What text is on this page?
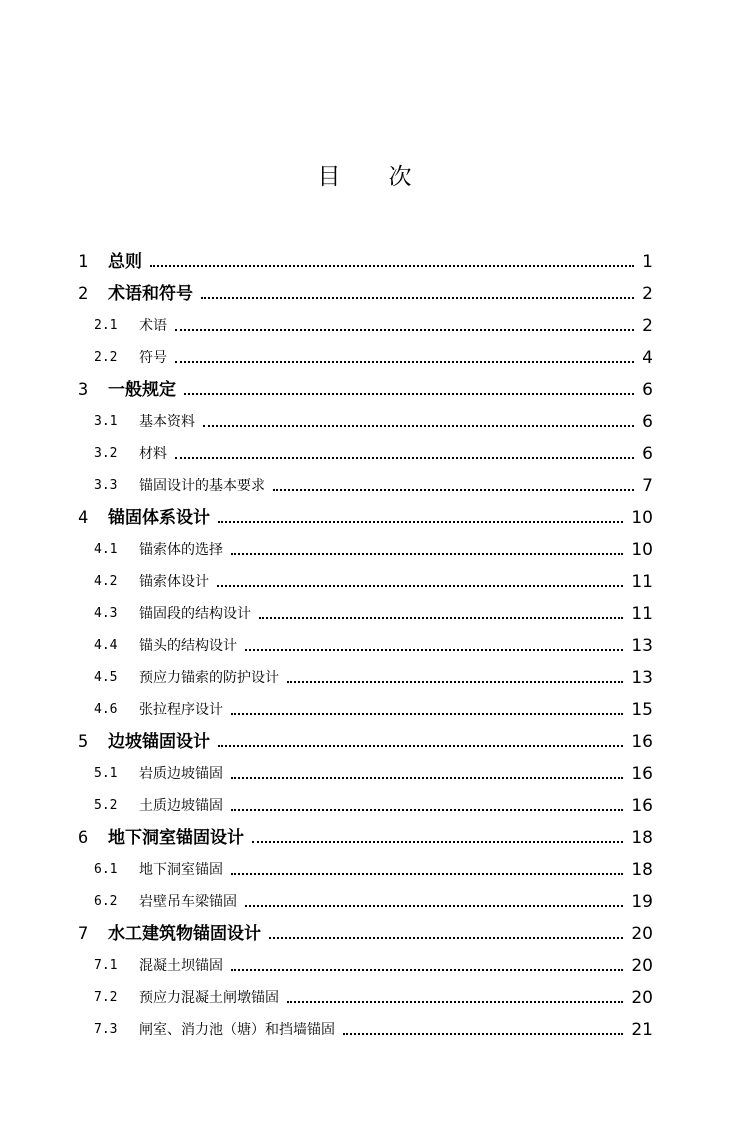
目 次
1 总则	1
2 术语和符号	2
2.1 术语	2
2.2 符号	4
3 一般规定	6
3.1 基本资料	6
3.2 材料	6
3.3 锚固设计的基本要求	7
4 锚固体系设计	10
4.1 锚索体的选择	10
4.2 锚索体设计	11
4.3 锚固段的结构设计	11
4.4 锚头的结构设计	13
4.5 预应力锚索的防护设计	13
4.6 张拉程序设计	15
5 边坡锚固设计	16
5.1 岩质边坡锚固	16
5.2 土质边坡锚固	16
6 地下洞室锚固设计	18
6.1 地下洞室锚固	18
6.2 岩壁吊车梁锚固	19
7 水工建筑物锚固设计	20
7.1 混凝土坝锚固	20
7.2 预应力混凝土闸墩锚固	20
7.3 闸室、消力池（塘）和挡墙锚固	21
